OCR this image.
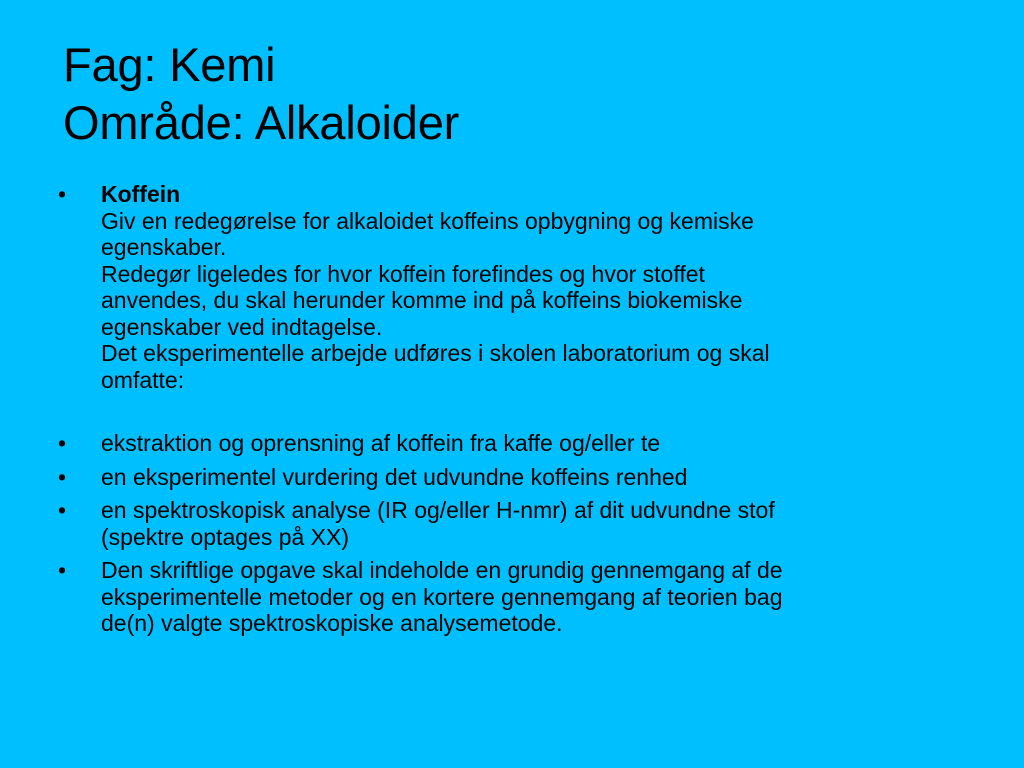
Fag: Kemi
Område: Alkaloider
•	Koffein
Giv en redegørelse for alkaloidet koffeins opbygning og kemiske
egenskaber.
Redegør ligeledes for hvor koffein forefindes og hvor stoffet
anvendes, du skal herunder komme ind på koffeins biokemiske
egenskaber ved indtagelse.
Det eksperimentelle arbejde udføres i skolen laboratorium og skal
omfatte:
•	ekstraktion og oprensning af koffein fra kaffe og/eller te
•	en eksperimentel vurdering det udvundne koffeins renhed
•	en spektroskopisk analyse (IR og/eller H-nmr) af dit udvundne stof
(spektre optages på XX)
•	Den skriftlige opgave skal indeholde en grundig gennemgang af de
eksperimentelle metoder og en kortere gennemgang af teorien bag
de(n) valgte spektroskopiske analysemetode.
